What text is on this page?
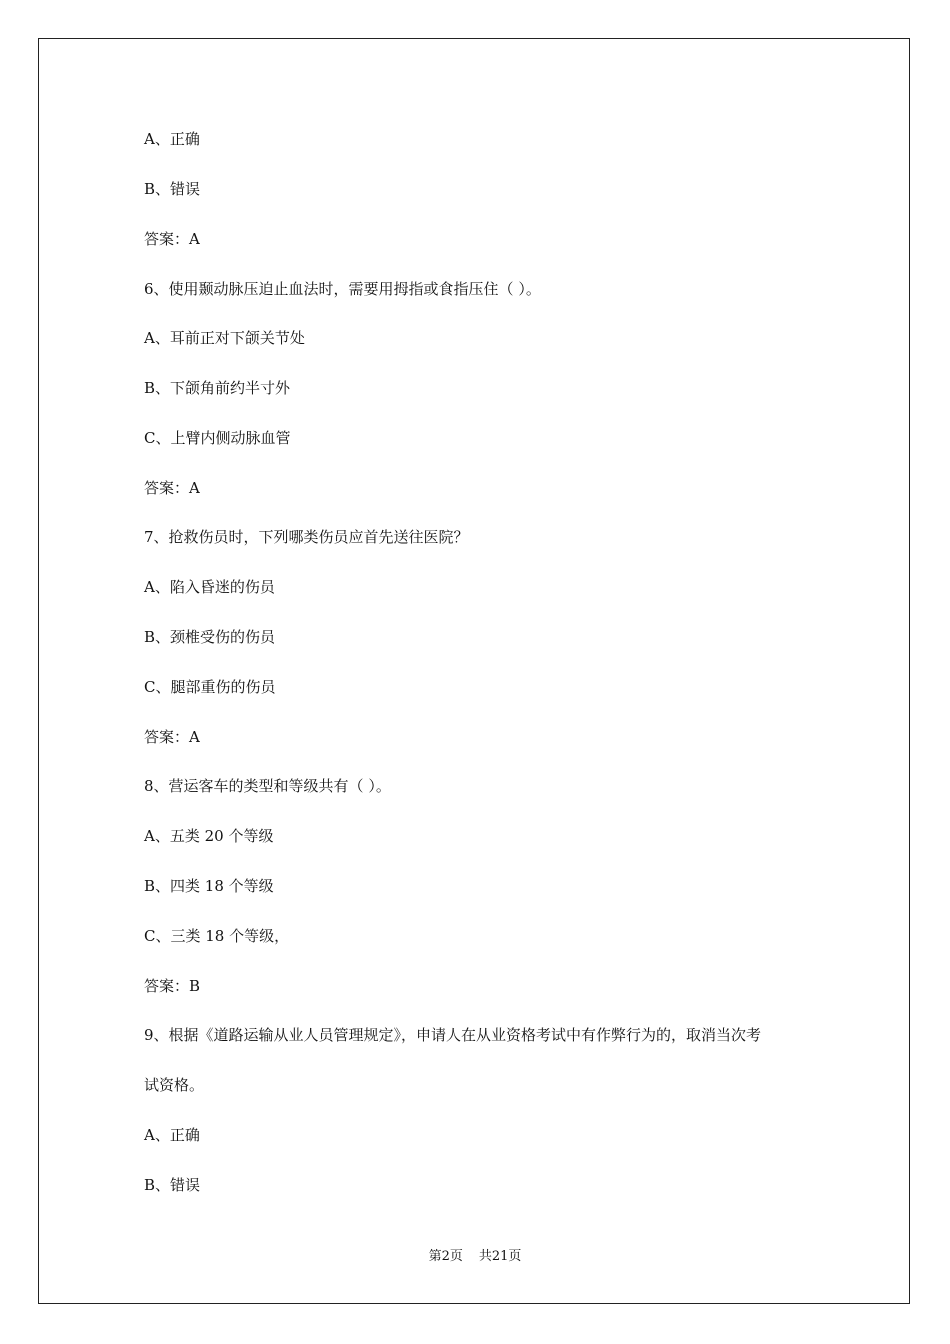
A、正确
B、错误
答案：A
6、使用颞动脉压迫止血法时，需要用拇指或食指压住（ ）。
A、耳前正对下颌关节处
B、下颌角前约半寸外
C、上臂内侧动脉血管
答案：A
7、抢救伤员时，下列哪类伤员应首先送往医院？
A、陷入昏迷的伤员
B、颈椎受伤的伤员
C、腿部重伤的伤员
答案：A
8、营运客车的类型和等级共有（ ）。
A、五类 20 个等级
B、四类 18 个等级
C、三类 18 个等级，
答案：B
9、根据《道路运输从业人员管理规定》，申请人在从业资格考试中有作弊行为的，取消当次考
试资格。
A、正确
B、错误
第2页 共21页
